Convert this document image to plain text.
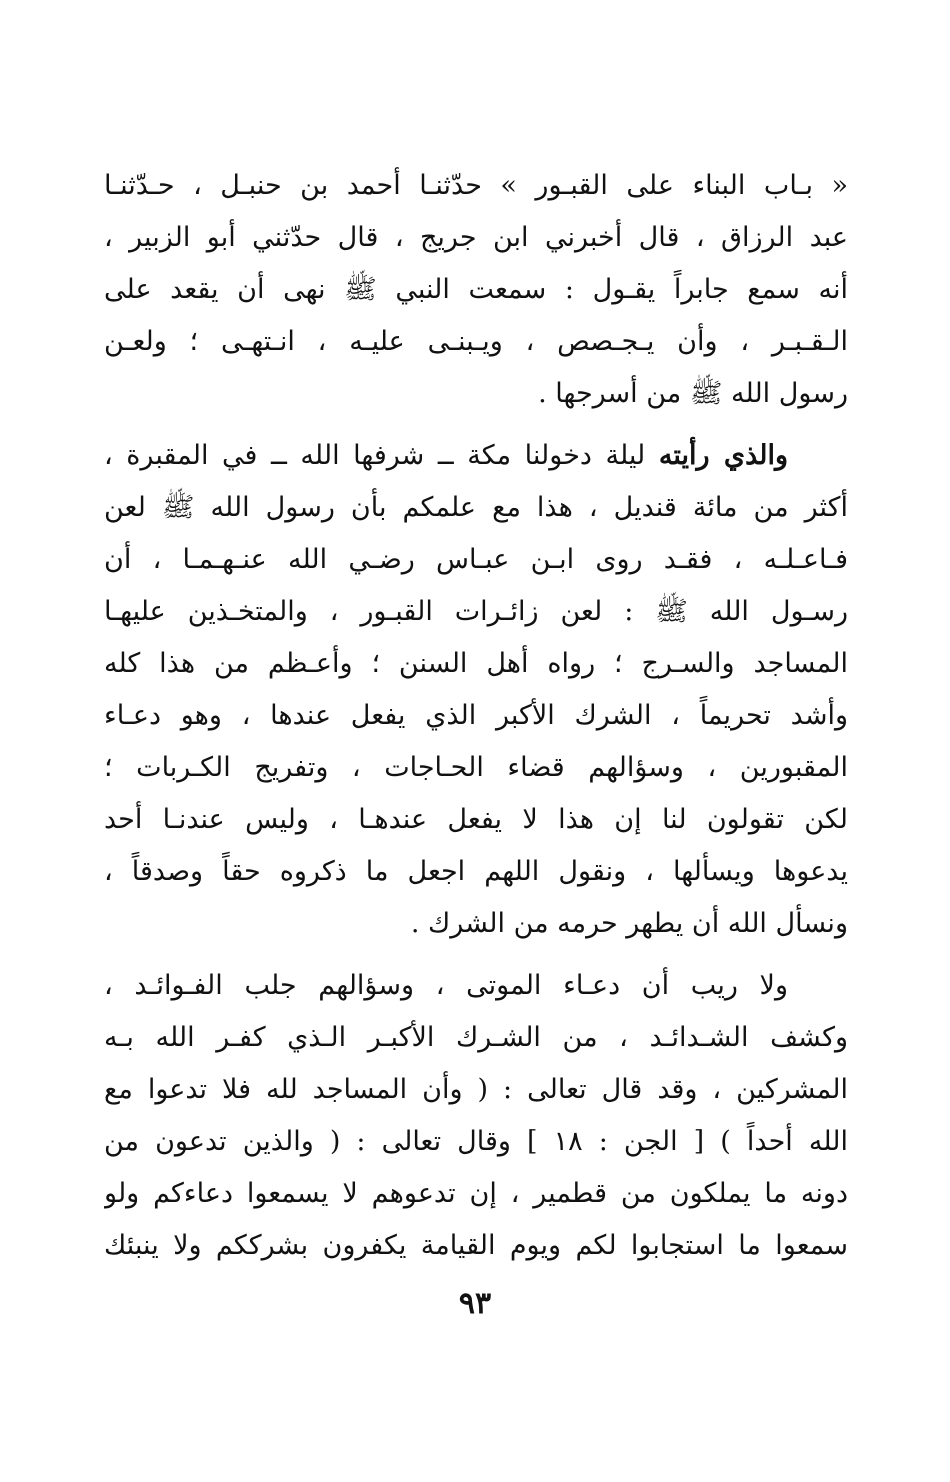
« بـاب البناء على القبـور » حدّثنـا أحمد بن حنبـل ، حـدّثنـا
عبد الرزاق ، قال أخبرني ابن جريج ، قال حدّثني أبو الزبير ،
أنه سمع جابراً يقـول : سمعت النبي ﷺ نهى أن يقعد على
الـقـبـر ، وأن يـجـصص ، ويـبنـى عليـه ، انـتهـى ؛ ولعـن
رسول الله ﷺ من أسرجها .
والذي رأيته ليلة دخولنا مكة ــ شرفها الله ــ في المقبرة ،
أكثر من مائة قنديل ، هذا مع علمكم بأن رسول الله ﷺ لعن
فـاعـلـه ، فقـد روى ابـن عبـاس رضـي الله عنـهـمـا ، أن
رسـول الله ﷺ : لعن زائـرات القبـور ، والمتخـذين عليهـا
المساجد والسـرج ؛ رواه أهل السنن ؛ وأعـظم من هذا كله
وأشد تحريماً ، الشرك الأكبر الذي يفعل عندها ، وهو دعـاء
المقبورين ، وسؤالهم قضاء الحـاجات ، وتفريج الكـربات ؛
لكن تقولون لنا إن هذا لا يفعل عندهـا ، وليس عندنـا أحد
يدعوها ويسألها ، ونقول اللهم اجعل ما ذكروه حقاً وصدقاً ،
ونسأل الله أن يطهر حرمه من الشرك .
ولا ريب أن دعـاء الموتى ، وسؤالهم جلب الفـوائـد ،
وكشف الشـدائـد ، من الشـرك الأكبـر الـذي كفـر الله بـه
المشركين ، وقد قال تعالى : ( وأن المساجد لله فلا تدعوا مع
الله أحداً ) [ الجن : ١٨ ] وقال تعالى : ( والذين تدعون من
دونه ما يملكون من قطمير ، إن تدعوهم لا يسمعوا دعاءكم ولو
سمعوا ما استجابوا لكم ويوم القيامة يكفرون بشرككم ولا ينبئك
٩٣
